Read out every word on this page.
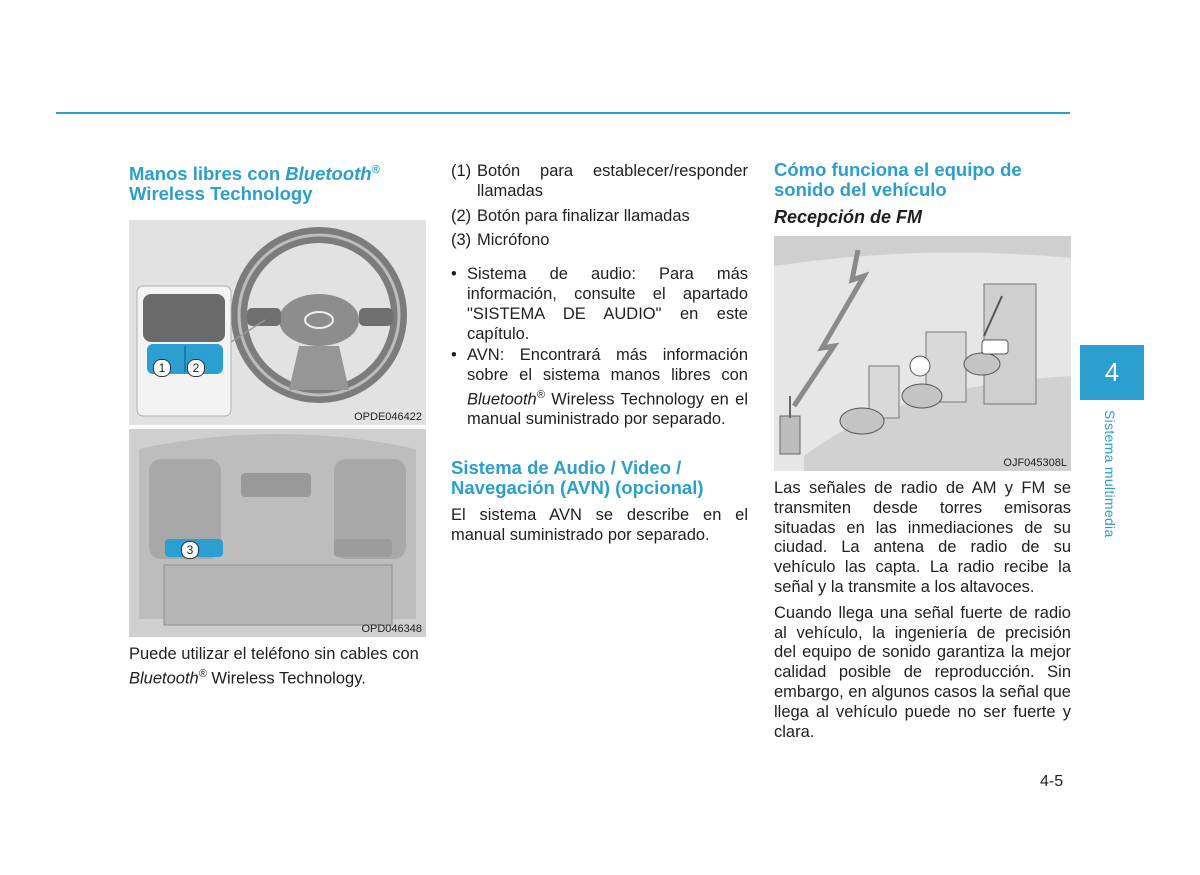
Manos libres con Bluetooth®
Wireless Technology
1	2
OPDE046422
3
OPD046348

Puede utilizar el teléfono sin cables con Bluetooth® Wireless Technology.

(1) Botón para establecer/responder llamadas
(2) Botón para finalizar llamadas
(3) Micrófono
• Sistema de audio: Para más información, consulte el apartado "SISTEMA DE AUDIO" en este capítulo.
• AVN: Encontrará más información sobre el sistema manos libres con Bluetooth® Wireless Technology en el manual suministrado por separado.
Sistema de Audio / Video /
Navegación (AVN) (opcional)

El sistema AVN se describe en el manual suministrado por separado.

Cómo funciona el equipo de
sonido del vehículo
Recepción de FM
OJF045308L

Las señales de radio de AM y FM se transmiten desde torres emisoras situadas en las inmediaciones de su ciudad. La antena de radio de su vehículo las capta. La radio recibe la señal y la transmite a los altavoces.

Cuando llega una señal fuerte de radio al vehículo, la ingeniería de precisión del equipo de sonido garantiza la mejor calidad posible de reproducción. Sin embargo, en algunos casos la señal que llega al vehículo puede no ser fuerte y clara.

4
Sistema multimedia
4-5
